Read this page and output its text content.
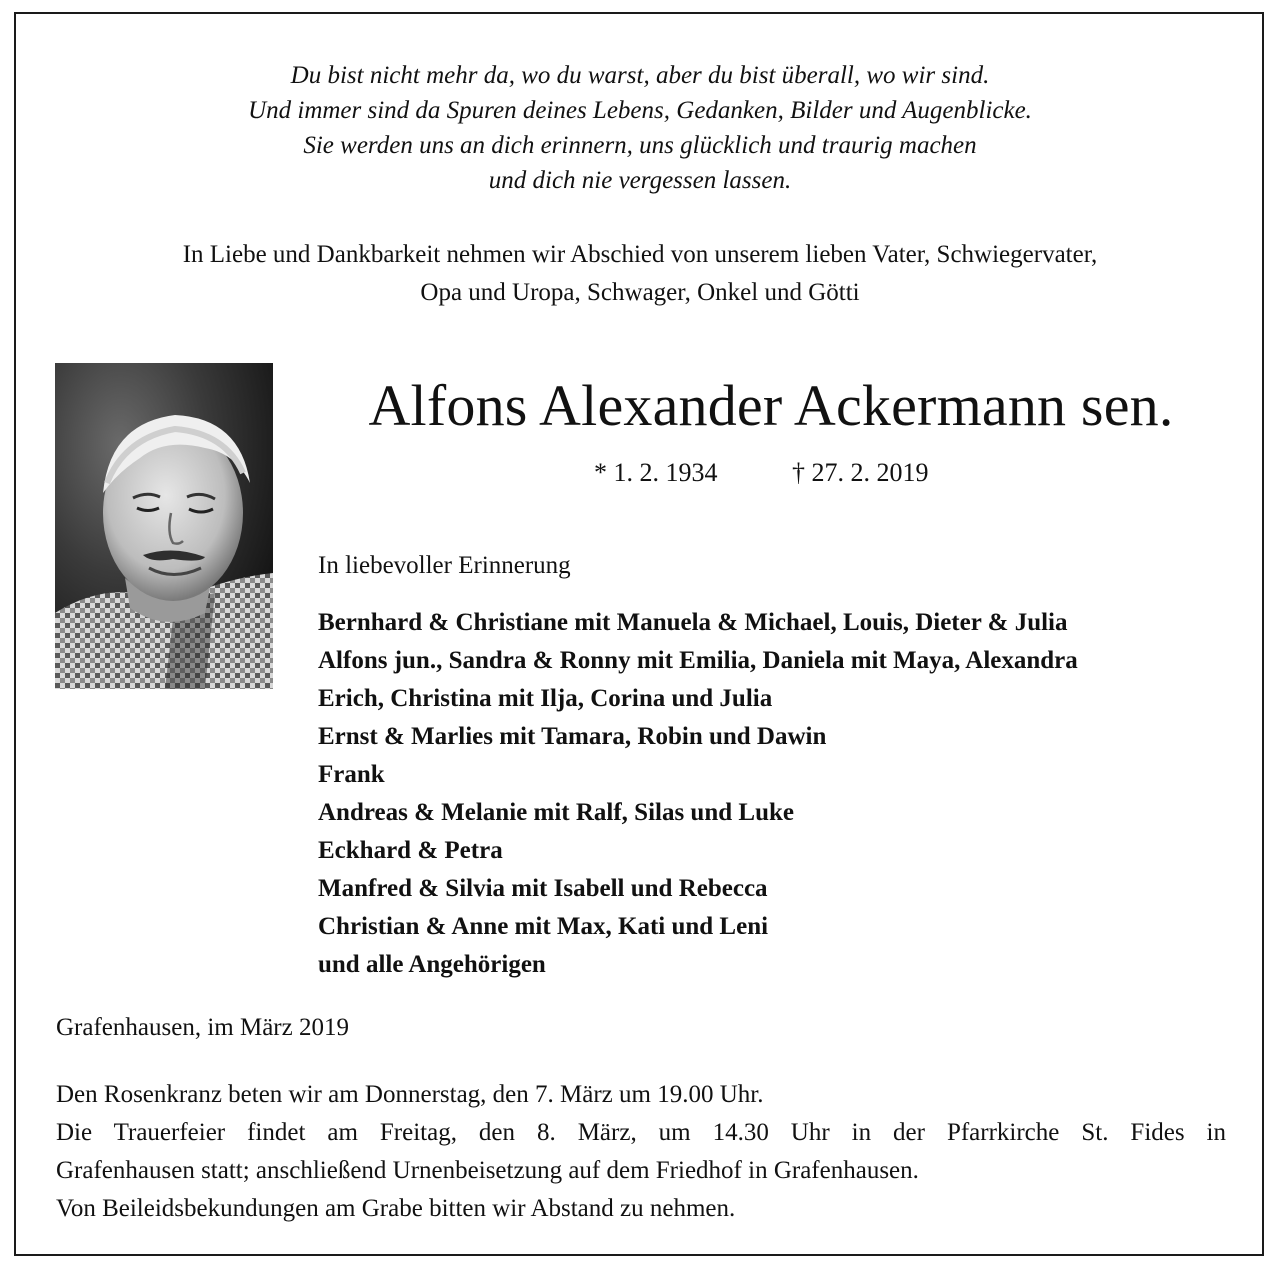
Du bist nicht mehr da, wo du warst, aber du bist überall, wo wir sind.
Und immer sind da Spuren deines Lebens, Gedanken, Bilder und Augenblicke.
Sie werden uns an dich erinnern, uns glücklich und traurig machen
und dich nie vergessen lassen.
In Liebe und Dankbarkeit nehmen wir Abschied von unserem lieben Vater, Schwiegervater,
Opa und Uropa, Schwager, Onkel und Götti
Alfons Alexander Ackermann sen.
* 1. 2. 1934	† 27. 2. 2019
In liebevoller Erinnerung
Bernhard & Christiane mit Manuela & Michael, Louis, Dieter & Julia
Alfons jun., Sandra & Ronny mit Emilia, Daniela mit Maya, Alexandra
Erich, Christina mit Ilja, Corina und Julia
Ernst & Marlies mit Tamara, Robin und Dawin
Frank
Andreas & Melanie mit Ralf, Silas und Luke
Eckhard & Petra
Manfred & Silvia mit Isabell und Rebecca
Christian & Anne mit Max, Kati und Leni
und alle Angehörigen
Grafenhausen, im März 2019
Den Rosenkranz beten wir am Donnerstag, den 7. März um 19.00 Uhr.
Die Trauerfeier findet am Freitag, den 8. März, um 14.30 Uhr in der Pfarrkirche St. Fides in
Grafenhausen statt; anschließend Urnenbeisetzung auf dem Friedhof in Grafenhausen.
Von Beileidsbekundungen am Grabe bitten wir Abstand zu nehmen.
